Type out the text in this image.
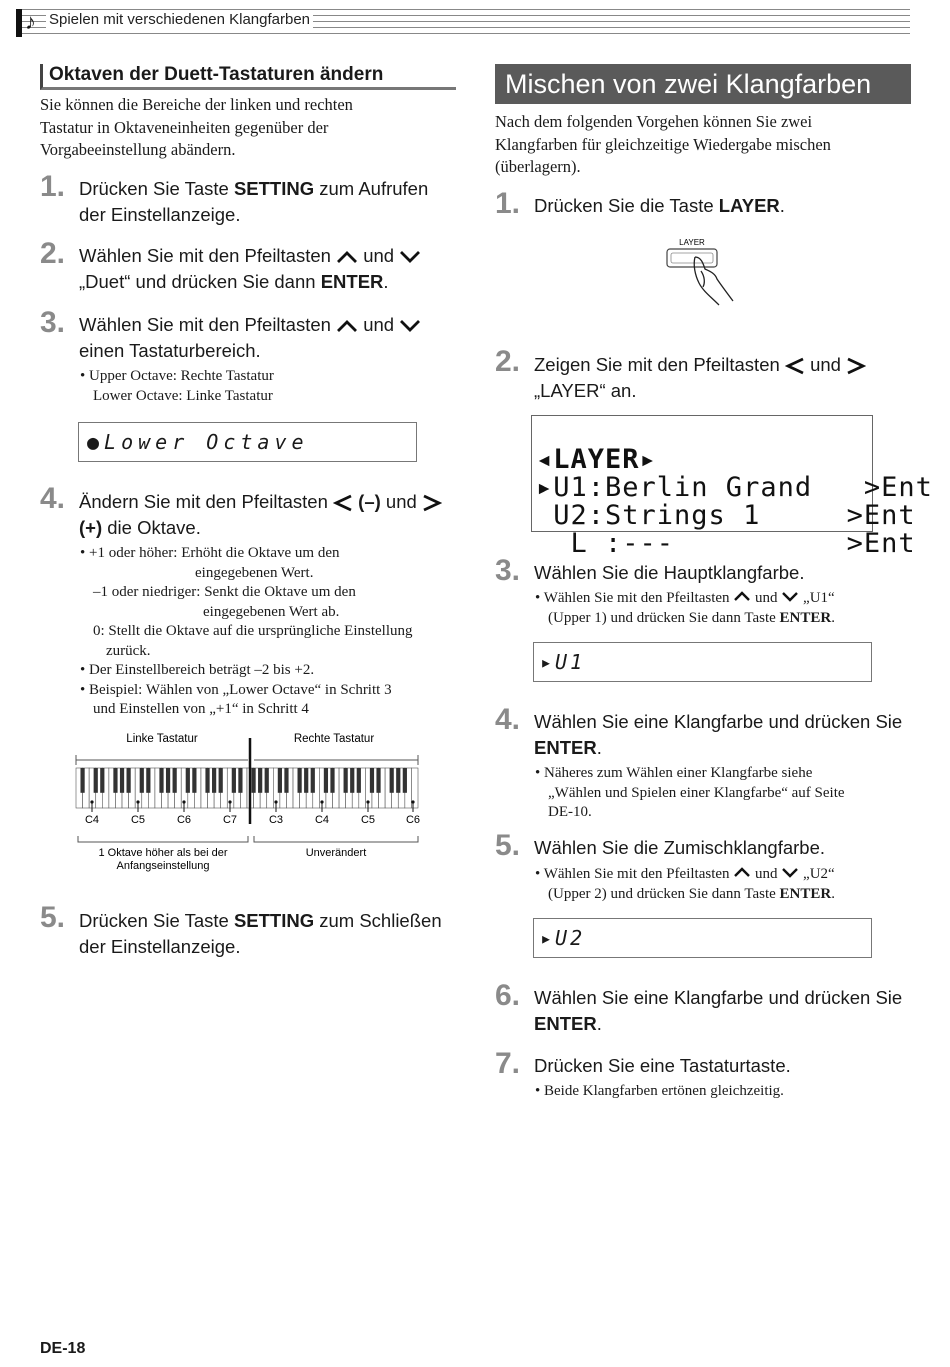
♪ Spielen mit verschiedenen Klangfarben
Oktaven der Duett-Tastaturen ändern
Sie können die Bereiche der linken und rechten
Tastatur in Oktaveneinheiten gegenüber der
Vorgabeeinstellung abändern.
1. Drücken Sie Taste SETTING zum Aufrufen
der Einstellanzeige.
2. Wählen Sie mit den Pfeiltasten und
„Duet“ und drücken Sie dann ENTER.
3. Wählen Sie mit den Pfeiltasten und
einen Tastaturbereich.
• Upper Octave: Rechte Tastatur
Lower Octave: Linke Tastatur
●Lower Octave
4. Ändern Sie mit den Pfeiltasten (–) und
(+) die Oktave.
• +1 oder höher: Erhöht die Oktave um den
eingegebenen Wert.
–1 oder niedriger: Senkt die Oktave um den
eingegebenen Wert ab.
0: Stellt die Oktave auf die ursprüngliche Einstellung
zurück.
• Der Einstellbereich beträgt –2 bis +2.
• Beispiel: Wählen von „Lower Octave“ in Schritt 3
und Einstellen von „+1“ in Schritt 4
Linke Tastatur	Rechte Tastatur
C4	C5	C6	C7	C3	C4	C5	C6
1 Oktave höher als bei der
Anfangseinstellung
Unverändert
5. Drücken Sie Taste SETTING zum Schließen
der Einstellanzeige.
Mischen von zwei Klangfarben
Nach dem folgenden Vorgehen können Sie zwei
Klangfarben für gleichzeitige Wiedergabe mischen
(überlagern).
1. Drücken Sie die Taste LAYER.
LAYER
2. Zeigen Sie mit den Pfeiltasten und
„LAYER“ an.

◂LAYER▸
▸U1:Berlin Grand   >Ent
U2:Strings 1     >Ent
L :---          >Ent
3. Wählen Sie die Hauptklangfarbe.
• Wählen Sie mit den Pfeiltasten und „U1“
(Upper 1) und drücken Sie dann Taste ENTER.
▸U1
4. Wählen Sie eine Klangfarbe und drücken Sie
ENTER.
• Näheres zum Wählen einer Klangfarbe siehe
„Wählen und Spielen einer Klangfarbe“ auf Seite
DE-10.
5. Wählen Sie die Zumischklangfarbe.
• Wählen Sie mit den Pfeiltasten und „U2“
(Upper 2) und drücken Sie dann Taste ENTER.
▸U2
6. Wählen Sie eine Klangfarbe und drücken Sie
ENTER.
7. Drücken Sie eine Tastaturtaste.
• Beide Klangfarben ertönen gleichzeitig.
DE-18
